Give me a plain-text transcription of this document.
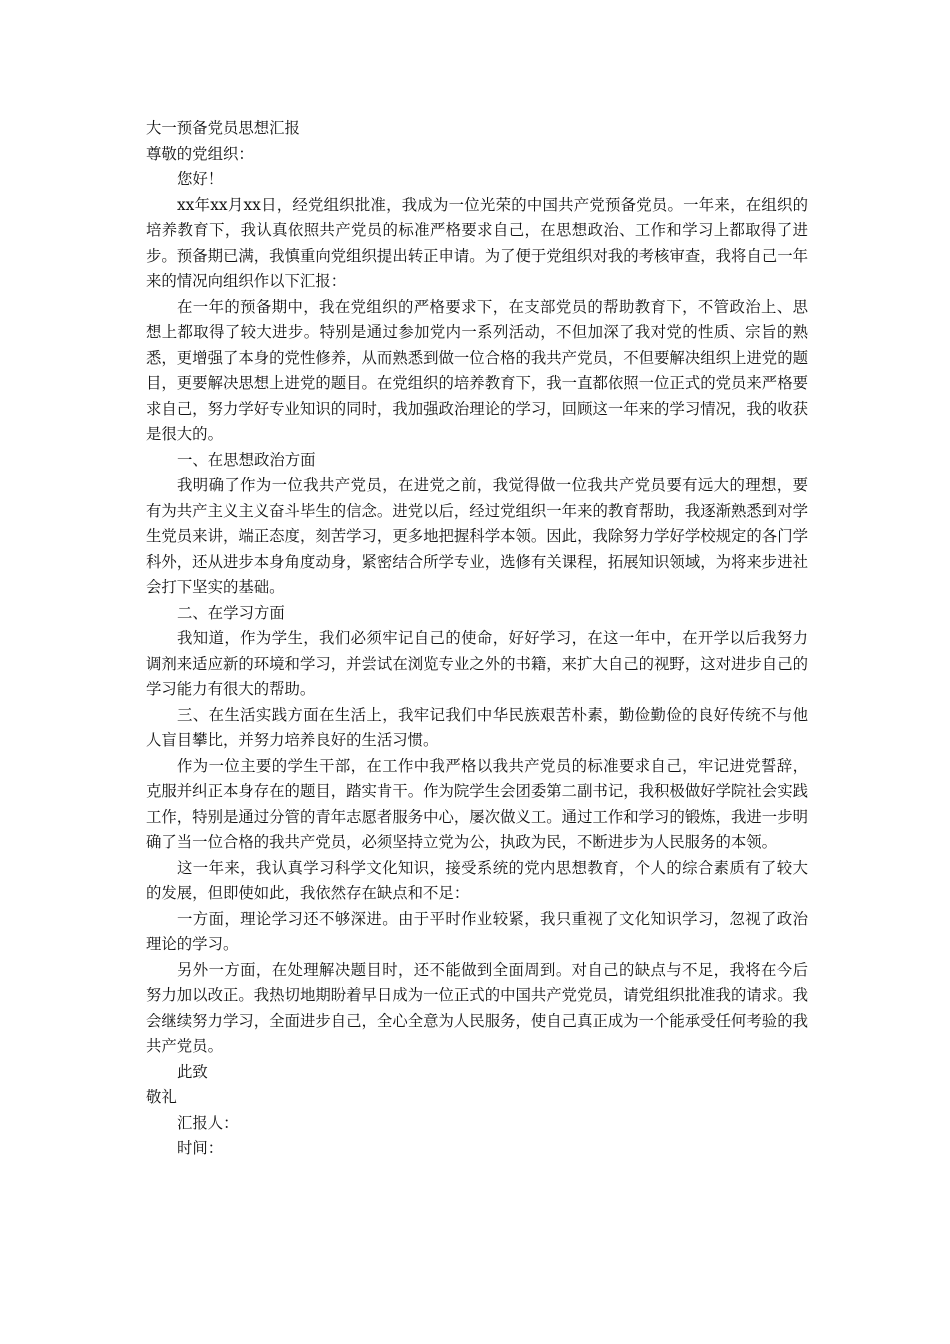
大一预备党员思想汇报

尊敬的党组织：

您好！

xx年xx月xx日，经党组织批准，我成为一位光荣的中国共产党预备党员。一年来，在组织的培养教育下，我认真依照共产党员的标准严格要求自己，在思想政治、工作和学习上都取得了进步。预备期已满，我慎重向党组织提出转正申请。为了便于党组织对我的考核审查，我将自己一年来的情况向组织作以下汇报：

在一年的预备期中，我在党组织的严格要求下，在支部党员的帮助教育下，不管政治上、思想上都取得了较大进步。特别是通过参加党内一系列活动，不但加深了我对党的性质、宗旨的熟悉，更增强了本身的党性修养，从而熟悉到做一位合格的我共产党员，不但要解决组织上进党的题目，更要解决思想上进党的题目。在党组织的培养教育下，我一直都依照一位正式的党员来严格要求自己，努力学好专业知识的同时，我加强政治理论的学习，回顾这一年来的学习情况，我的收获是很大的。

一、在思想政治方面

我明确了作为一位我共产党员，在进党之前，我觉得做一位我共产党员要有远大的理想，要有为共产主义主义奋斗毕生的信念。进党以后，经过党组织一年来的教育帮助，我逐渐熟悉到对学生党员来讲，端正态度，刻苦学习，更多地把握科学本领。因此，我除努力学好学校规定的各门学科外，还从进步本身角度动身，紧密结合所学专业，选修有关课程，拓展知识领域，为将来步进社会打下坚实的基础。

二、在学习方面

我知道，作为学生，我们必须牢记自己的使命，好好学习，在这一年中，在开学以后我努力调剂来适应新的环境和学习，并尝试在浏览专业之外的书籍，来扩大自己的视野，这对进步自己的学习能力有很大的帮助。

三、在生活实践方面在生活上，我牢记我们中华民族艰苦朴素，勤俭勤俭的良好传统不与他人盲目攀比，并努力培养良好的生活习惯。

作为一位主要的学生干部，在工作中我严格以我共产党员的标准要求自己，牢记进党誓辞，克服并纠正本身存在的题目，踏实肯干。作为院学生会团委第二副书记，我积极做好学院社会实践工作，特别是通过分管的青年志愿者服务中心，屡次做义工。通过工作和学习的锻炼，我进一步明确了当一位合格的我共产党员，必须坚持立党为公，执政为民，不断进步为人民服务的本领。

这一年来，我认真学习科学文化知识，接受系统的党内思想教育，个人的综合素质有了较大的发展，但即使如此，我依然存在缺点和不足：

一方面，理论学习还不够深进。由于平时作业较紧，我只重视了文化知识学习，忽视了政治理论的学习。

另外一方面，在处理解决题目时，还不能做到全面周到。对自己的缺点与不足，我将在今后努力加以改正。我热切地期盼着早日成为一位正式的中国共产党党员，请党组织批准我的请求。我会继续努力学习，全面进步自己，全心全意为人民服务，使自己真正成为一个能承受任何考验的我共产党员。

此致

敬礼

汇报人：

时间：
